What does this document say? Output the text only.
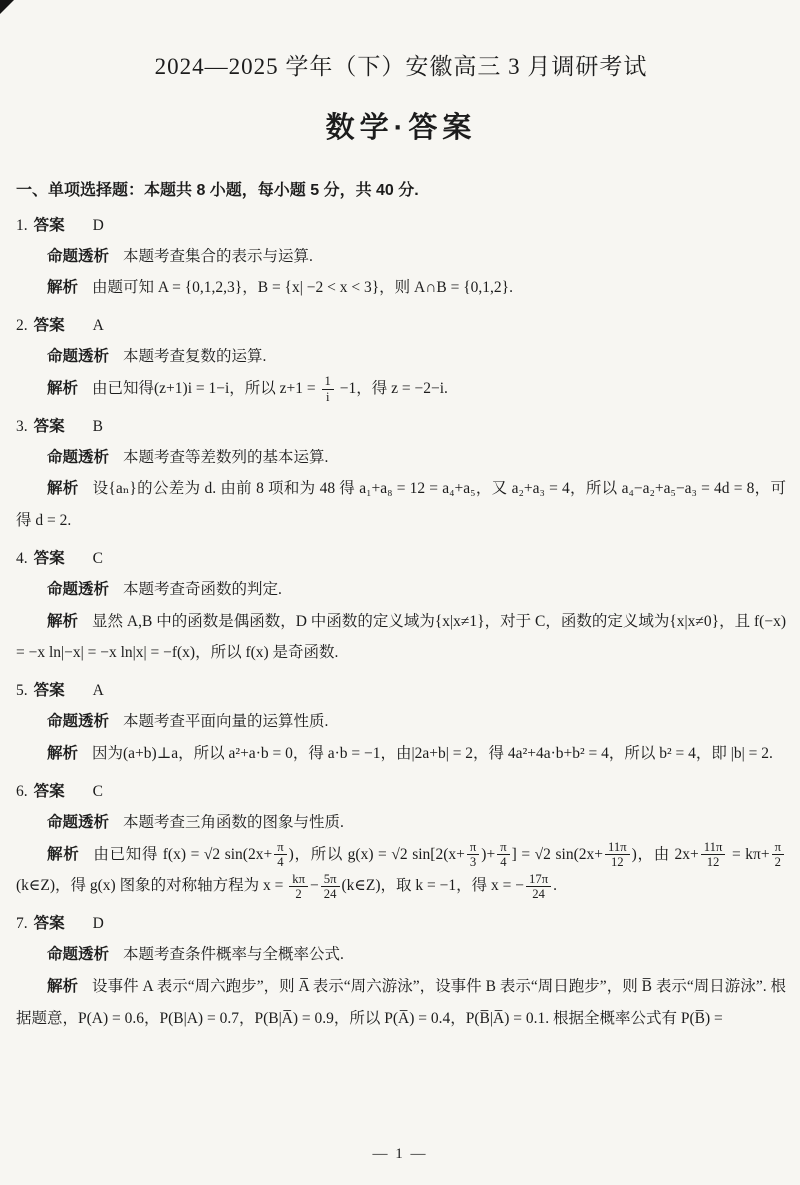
2024—2025 学年（下）安徽高三 3 月调研考试
数学·答案
一、单项选择题：本题共 8 小题，每小题 5 分，共 40 分.
1. 答案 D
命题透析 本题考查集合的表示与运算.
解析 由题可知 A = {0,1,2,3}，B = {x| −2 < x < 3}，则 A∩B = {0,1,2}.
2. 答案 A
命题透析 本题考查复数的运算.
解析 由已知得(z+1)i = 1−i，所以 $z+1 = \frac{1}{i} -1$，得 z = −2−i.
3. 答案 B
命题透析 本题考查等差数列的基本运算.
解析 设{aₙ}的公差为 d. 由前 8 项和为 48 得 a₁+a₈ = 12 = a₄+a₅，又 a₂+a₃ = 4，所以 a₄−a₂+a₅−a₃ = 4d = 8，可得 d = 2.
4. 答案 C
命题透析 本题考查奇函数的判定.
解析 显然 A,B 中的函数是偶函数，D 中函数的定义域为{x|x≠1}，对于 C，函数的定义域为{x|x≠0}，且 f(−x) = −x ln|−x| = −x ln|x| = −f(x)，所以 f(x) 是奇函数.
5. 答案 A
命题透析 本题考查平面向量的运算性质.
解析 因为(a+b)⊥a，所以 a²+a·b = 0，得 a·b = −1，由|2a+b| = 2，得 4a²+4a·b+b² = 4，所以 b² = 4，即 |b| = 2.
6. 答案 C
命题透析 本题考查三角函数的图象与性质.
解析 由已知得 f(x) = √2 $\sin(2x+ \frac{\pi}{4}$ )，所以 g(x) = √2 $\sin[2(x+ \frac{\pi}{3}$ )+ $\frac{\pi}{4}$ ] = √2 $\sin(2x+ \frac{11\pi}{12}$ )，由 $2x+ \frac{11\pi}{12} = k\pi+ \frac{\pi}{2}$
(k∈Z)，得 g(x) 图象的对称轴方程为 $x = \frac{k\pi}{2} - \frac{5\pi}{24}$ (k∈Z)，取 k = −1，得 x = − $\frac{17\pi}{24}$ .
7. 答案 D
命题透析 本题考查条件概率与全概率公式.
解析 设事件 A 表示“周六跑步”，则 A̅ 表示“周六游泳”，设事件 B 表示“周日跑步”，则 B̅ 表示“周日游泳”. 根据题意，P(A) = 0.6，P(B|A) = 0.7，P(B|A̅) = 0.9，所以 P(A̅) = 0.4，P(B̅|A̅) = 0.1. 根据全概率公式有 P(B̅) =
— 1 —
